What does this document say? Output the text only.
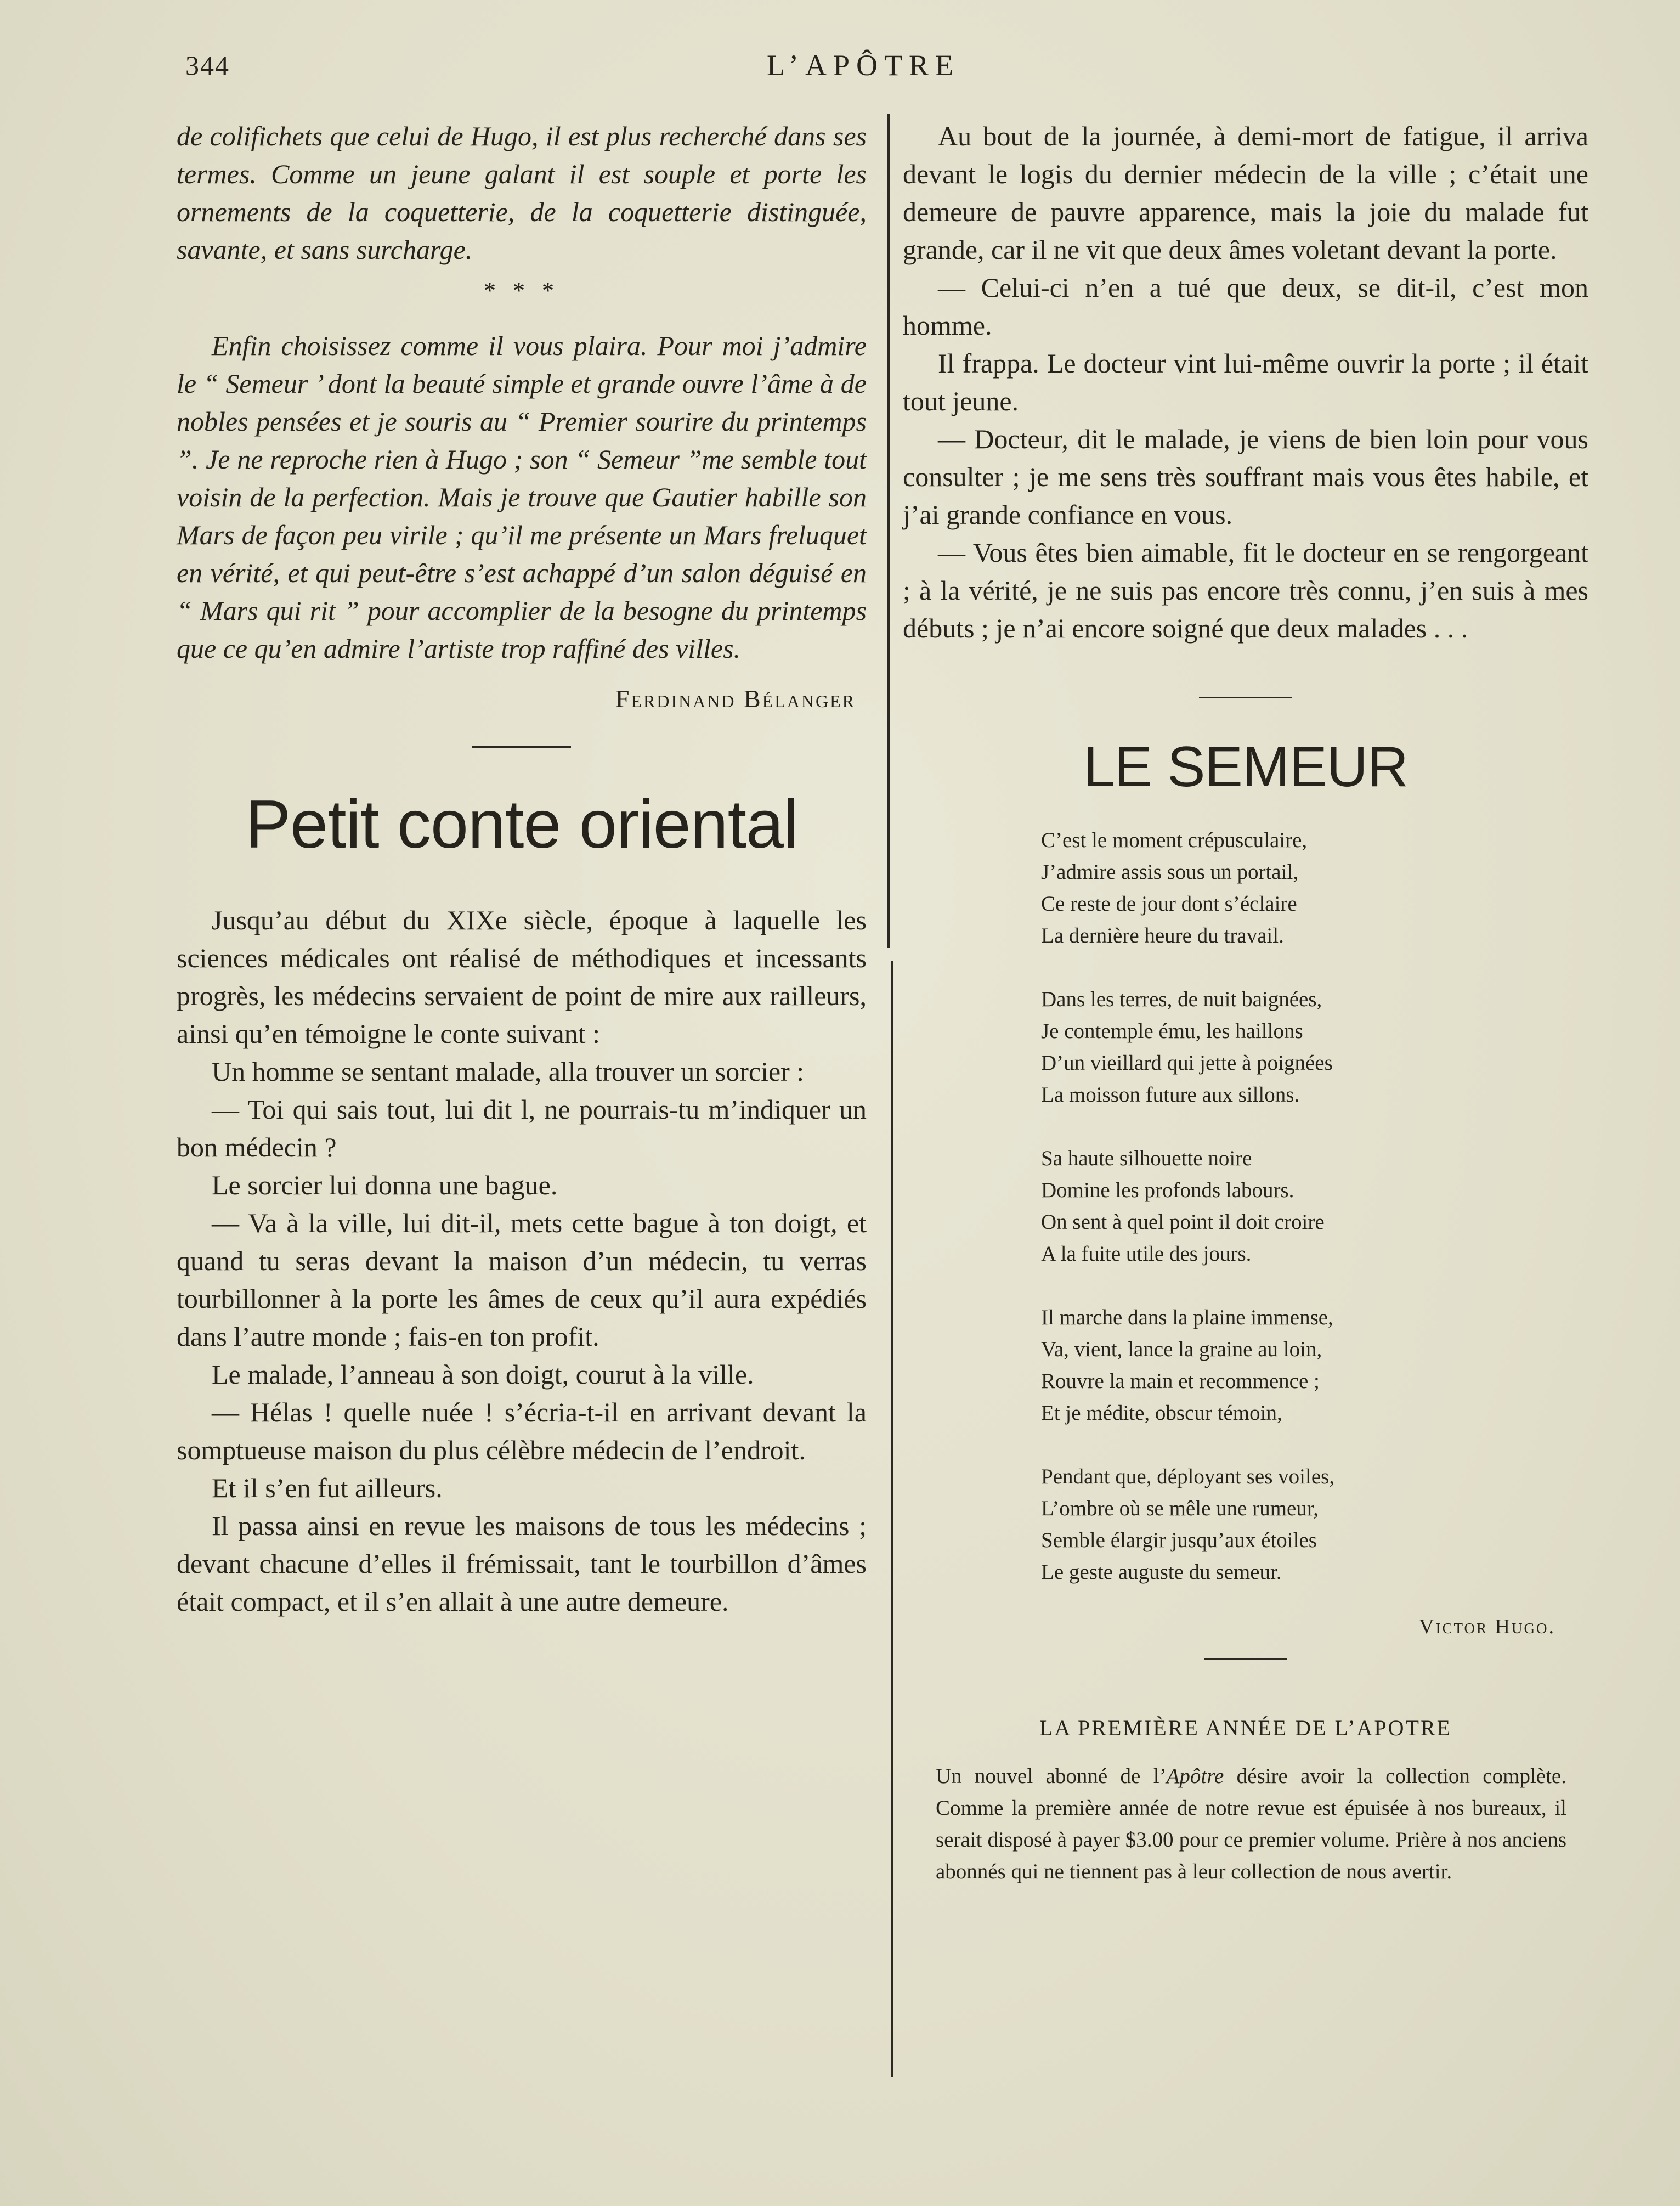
344	L’APÔTRE

de colifichets que celui de Hugo, il est plus recherché dans ses termes. Comme un jeune galant il est souple et porte les ornements de la coquetterie, de la coquetterie distinguée, savante, et sans surcharge.

* * *

Enfin choisissez comme il vous plaira. Pour moi j’admire le “ Semeur ’ dont la beauté simple et grande ouvre l’âme à de nobles pensées et je souris au “ Premier sourire du printemps ”. Je ne reproche rien à Hugo ; son “ Semeur ”me semble tout voisin de la perfection. Mais je trouve que Gautier habille son Mars de façon peu virile ; qu’il me présente un Mars freluquet en vérité, et qui peut-être s’est achappé d’un salon déguisé en “ Mars qui rit ” pour accomplier de la besogne du printemps que ce qu’en admire l’artiste trop raffiné des villes.

Ferdinand Bélanger
Petit conte oriental

Jusqu’au début du XIXe siècle, époque à laquelle les sciences médicales ont réalisé de méthodiques et incessants progrès, les médecins servaient de point de mire aux railleurs, ainsi qu’en témoigne le conte suivant :

Un homme se sentant malade, alla trouver un sorcier :

— Toi qui sais tout, lui dit l, ne pourrais-tu m’indiquer un bon médecin ?

Le sorcier lui donna une bague.

— Va à la ville, lui dit-il, mets cette bague à ton doigt, et quand tu seras devant la maison d’un médecin, tu verras tourbillonner à la porte les âmes de ceux qu’il aura expédiés dans l’autre monde ; fais-en ton profit.

Le malade, l’anneau à son doigt, courut à la ville.

— Hélas ! quelle nuée ! s’écria-t-il en arrivant devant la somptueuse maison du plus célèbre médecin de l’endroit.

Et il s’en fut ailleurs.

Il passa ainsi en revue les maisons de tous les médecins ; devant chacune d’elles il frémissait, tant le tourbillon d’âmes était compact, et il s’en allait à une autre demeure.

Au bout de la journée, à demi-mort de fatigue, il arriva devant le logis du dernier médecin de la ville ; c’était une demeure de pauvre apparence, mais la joie du malade fut grande, car il ne vit que deux âmes voletant devant la porte.

— Celui-ci n’en a tué que deux, se dit-il, c’est mon homme.

Il frappa. Le docteur vint lui-même ouvrir la porte ; il était tout jeune.

— Docteur, dit le malade, je viens de bien loin pour vous consulter ; je me sens très souffrant mais vous êtes habile, et j’ai grande confiance en vous.

— Vous êtes bien aimable, fit le docteur en se rengorgeant ; à la vérité, je ne suis pas encore très connu, j’en suis à mes débuts ; je n’ai encore soigné que deux malades . . .

LE SEMEUR
C’est le moment crépusculaire,
J’admire assis sous un portail,
Ce reste de jour dont s’éclaire
La dernière heure du travail.
Dans les terres, de nuit baignées,
Je contemple ému, les haillons
D’un vieillard qui jette à poignées
La moisson future aux sillons.
Sa haute silhouette noire
Domine les profonds labours.
On sent à quel point il doit croire
A la fuite utile des jours.
Il marche dans la plaine immense,
Va, vient, lance la graine au loin,
Rouvre la main et recommence ;
Et je médite, obscur témoin,
Pendant que, déployant ses voiles,
L’ombre où se mêle une rumeur,
Semble élargir jusqu’aux étoiles
Le geste auguste du semeur.
Victor Hugo.
LA PREMIÈRE ANNÉE DE L’APOTRE

Un nouvel abonné de l’Apôtre désire avoir la collection complète. Comme la première année de notre revue est épuisée à nos bureaux, il serait disposé à payer $3.00 pour ce premier volume. Prière à nos anciens abonnés qui ne tiennent pas à leur collection de nous avertir.
